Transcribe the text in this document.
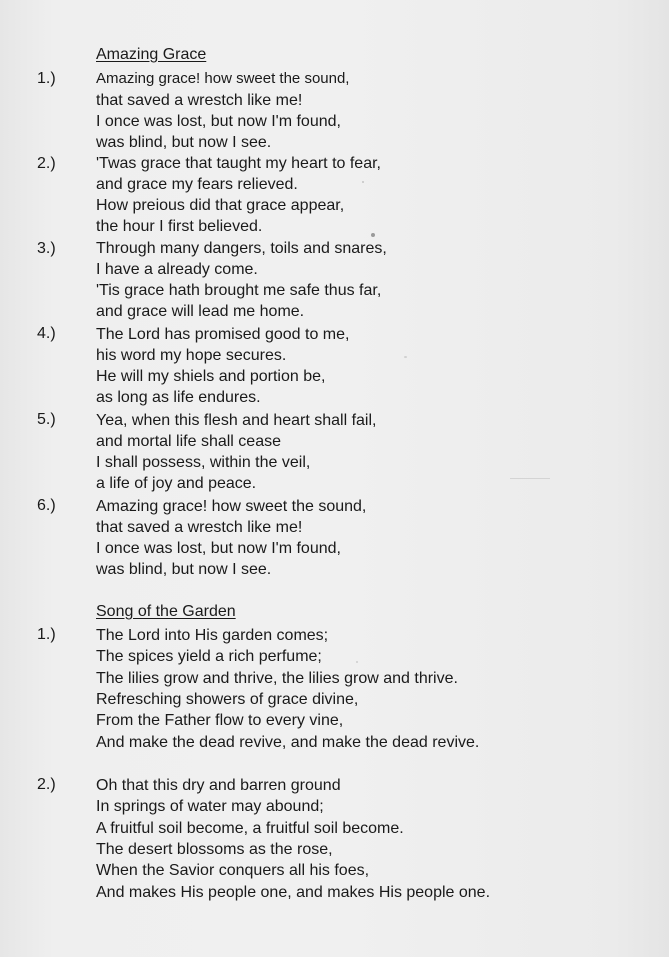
Amazing Grace
1.)	Amazing grace! how sweet the sound,
that saved a wrestch like me!
I once was lost, but now I'm found,
was blind, but now I see.
2.)	'Twas grace that taught my heart to fear,
and grace my fears relieved.
How preious did that grace appear,
the hour I first believed.
3.)	Through many dangers, toils and snares,
I have a already come.
'Tis grace hath brought me safe thus far,
and grace will lead me home.
4.)	The Lord has promised good to me,
his word my hope secures.
He will my shiels and portion be,
as long as life endures.
5.)	Yea, when this flesh and heart shall fail,
and mortal life shall cease
I shall possess, within the veil,
a life of joy and peace.
6.)	Amazing grace! how sweet the sound,
that saved a wrestch like me!
I once was lost, but now I'm found,
was blind, but now I see.
Song of the Garden
1.)	The Lord into His garden comes;
The spices yield a rich perfume;
The lilies grow and thrive, the lilies grow and thrive.
Refresching showers of grace divine,
From the Father flow to every vine,
And make the dead revive, and make the dead revive.
2.)	Oh that this dry and barren ground
In springs of water may abound;
A fruitful soil become, a fruitful soil become.
The desert blossoms as the rose,
When the Savior conquers all his foes,
And makes His people one, and makes His people one.
